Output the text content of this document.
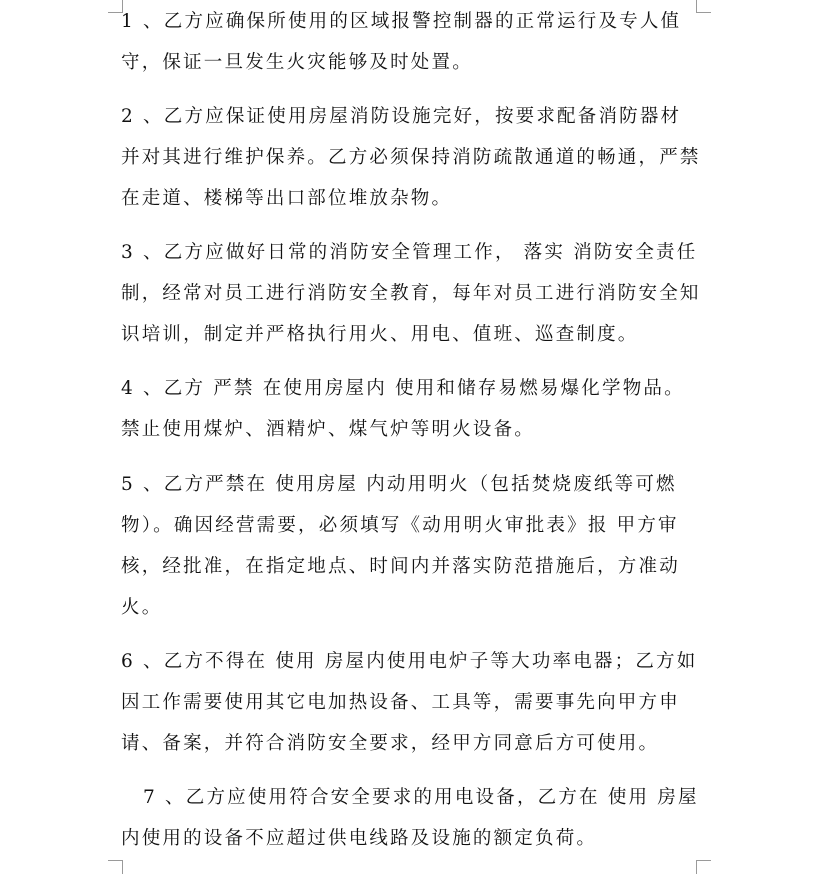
1 、乙方应确保所使用的区域报警控制器的正常运行及专人值守，保证一旦发生火灾能够及时处置。

2 、乙方应保证使用房屋消防设施完好，按要求配备消防器材并对其进行维护保养。乙方必须保持消防疏散通道的畅通，严禁在走道、楼梯等出口部位堆放杂物。

3 、乙方应做好日常的消防安全管理工作， 落实 消防安全责任制，经常对员工进行消防安全教育，每年对员工进行消防安全知识培训，制定并严格执行用火、用电、值班、巡查制度。

4 、乙方 严禁 在使用房屋内 使用和储存易燃易爆化学物品。禁止使用煤炉、酒精炉、煤气炉等明火设备。

5 、乙方严禁在 使用房屋 内动用明火（包括焚烧废纸等可燃物）。确因经营需要，必须填写《动用明火审批表》报 甲方审核，经批准，在指定地点、时间内并落实防范措施后，方准动火。

6 、乙方不得在 使用 房屋内使用电炉子等大功率电器；乙方如因工作需要使用其它电加热设备、工具等，需要事先向甲方申请、备案，并符合消防安全要求，经甲方同意后方可使用。

7 、乙方应使用符合安全要求的用电设备，乙方在 使用 房屋内使用的设备不应超过供电线路及设施的额定负荷。
